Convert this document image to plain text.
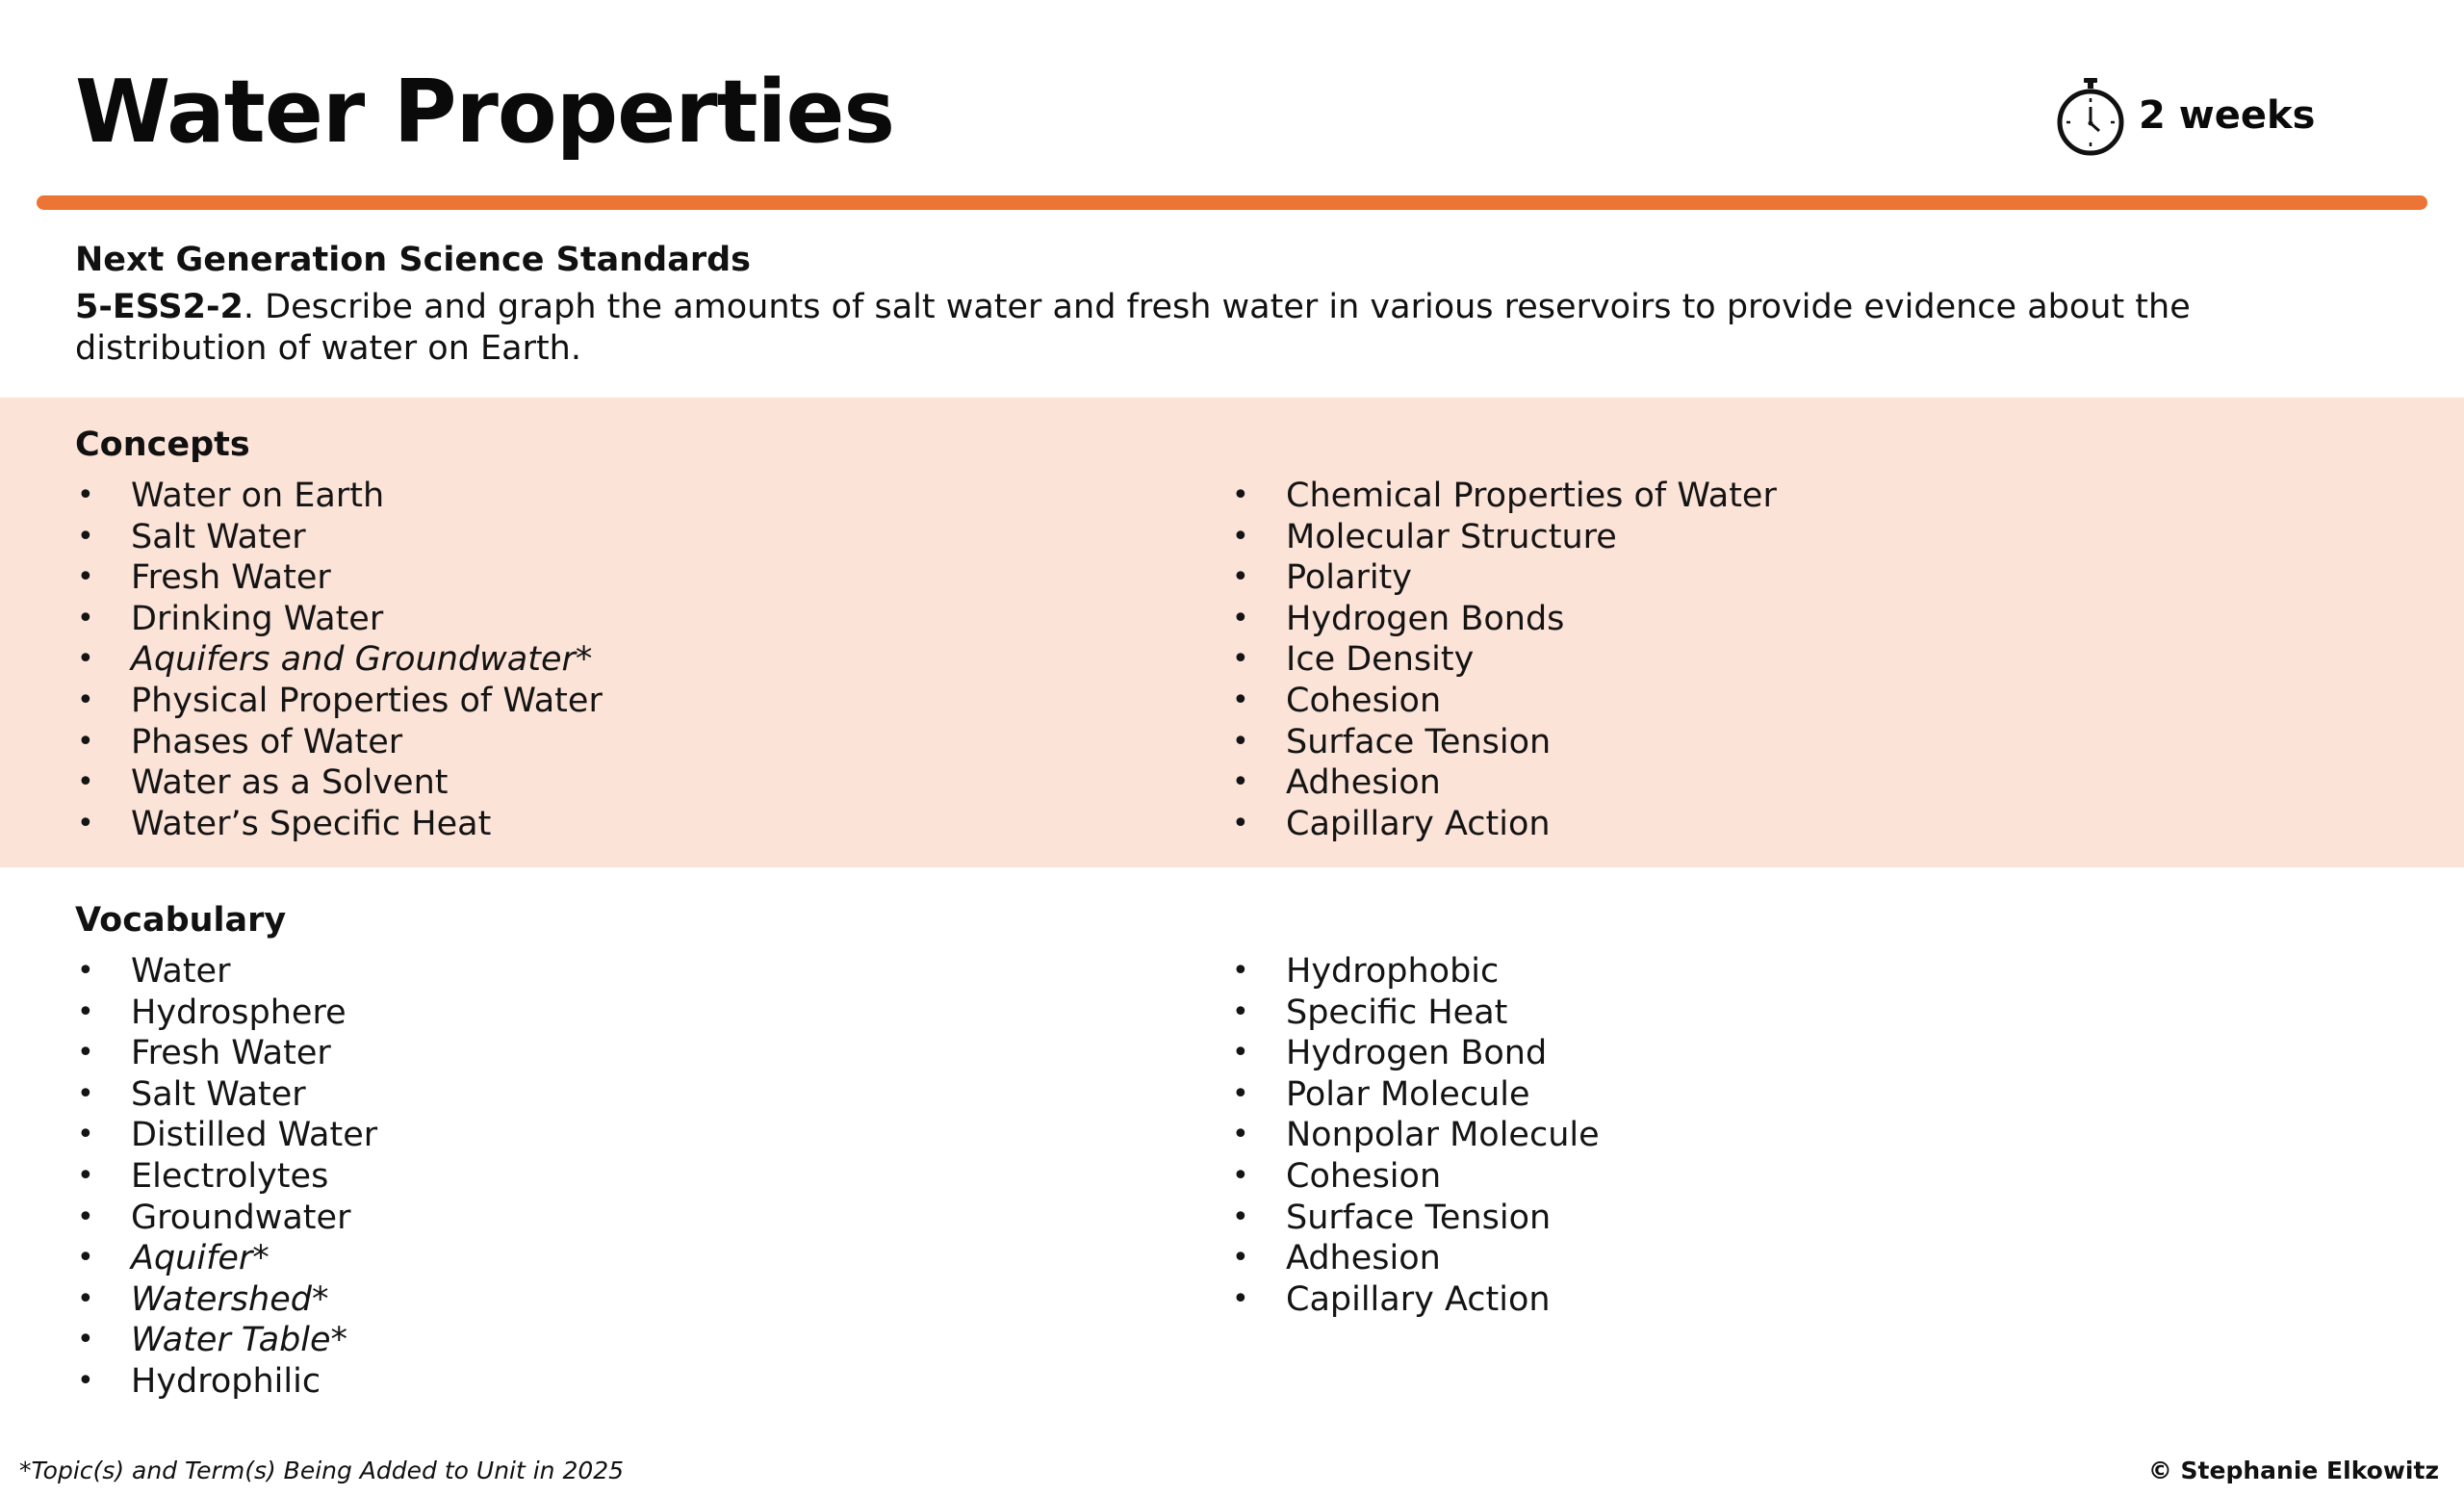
Water Properties	2 weeks
Next Generation Science Standards
5-ESS2-2. Describe and graph the amounts of salt water and fresh water in various reservoirs to provide evidence about the distribution of water on Earth.
Concepts
• Water on Earth
• Salt Water
• Fresh Water
• Drinking Water
• Aquifers and Groundwater*
• Physical Properties of Water
• Phases of Water
• Water as a Solvent
• Water’s Specific Heat
• Chemical Properties of Water
• Molecular Structure
• Polarity
• Hydrogen Bonds
• Ice Density
• Cohesion
• Surface Tension
• Adhesion
• Capillary Action
Vocabulary
• Water
• Hydrosphere
• Fresh Water
• Salt Water
• Distilled Water
• Electrolytes
• Groundwater
• Aquifer*
• Watershed*
• Water Table*
• Hydrophilic
• Hydrophobic
• Specific Heat
• Hydrogen Bond
• Polar Molecule
• Nonpolar Molecule
• Cohesion
• Surface Tension
• Adhesion
• Capillary Action
*Topic(s) and Term(s) Being Added to Unit in 2025	© Stephanie Elkowitz
